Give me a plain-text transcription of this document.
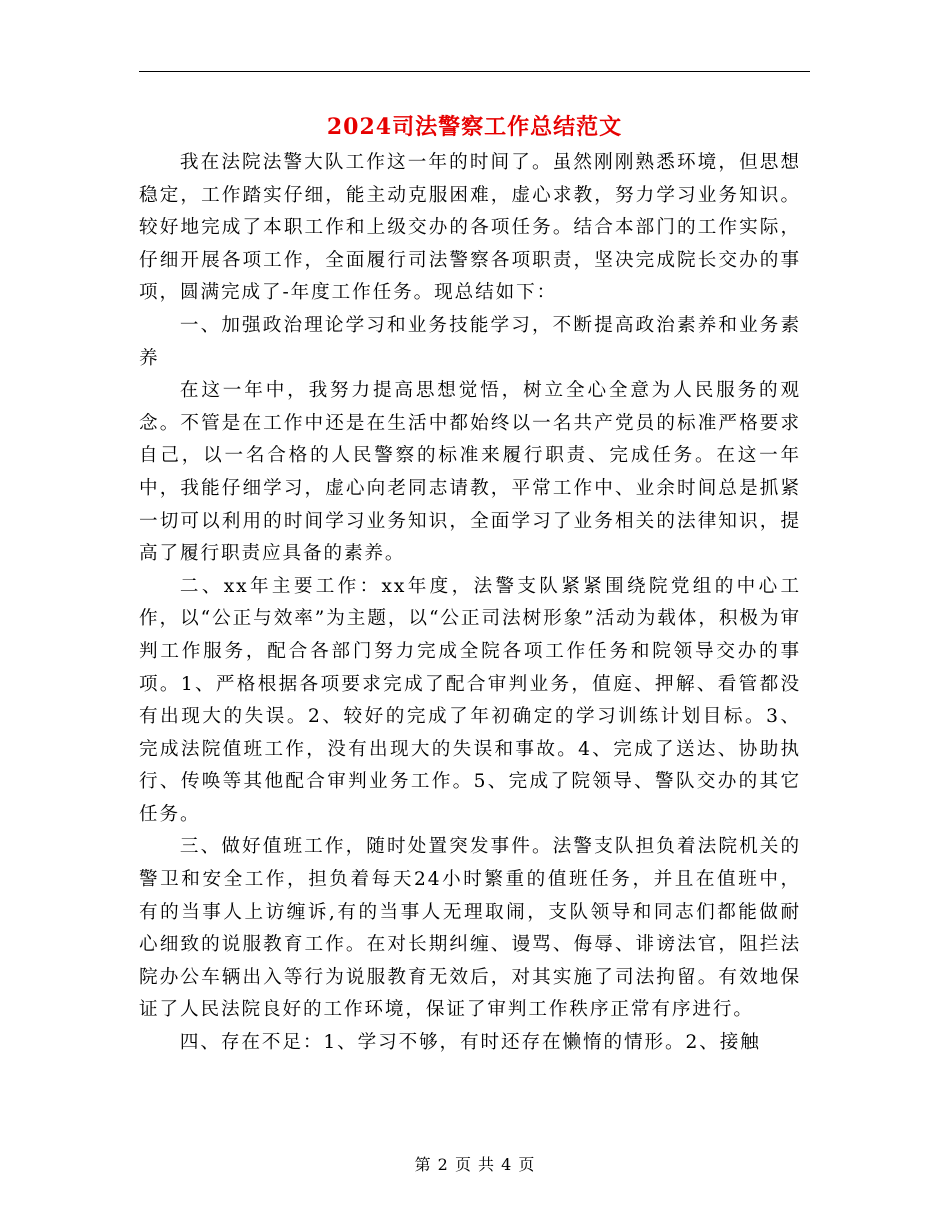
2024司法警察工作总结范文

我在法院法警大队工作这一年的时间了。虽然刚刚熟悉环境，但思想稳定，工作踏实仔细，能主动克服困难，虚心求教，努力学习业务知识。较好地完成了本职工作和上级交办的各项任务。结合本部门的工作实际，仔细开展各项工作，全面履行司法警察各项职责，坚决完成院长交办的事项，圆满完成了-年度工作任务。现总结如下：

一、加强政治理论学习和业务技能学习，不断提高政治素养和业务素养

在这一年中，我努力提高思想觉悟，树立全心全意为人民服务的观念。不管是在工作中还是在生活中都始终以一名共产党员的标准严格要求自己，以一名合格的人民警察的标准来履行职责、完成任务。在这一年中，我能仔细学习，虚心向老同志请教，平常工作中、业余时间总是抓紧一切可以利用的时间学习业务知识，全面学习了业务相关的法律知识，提高了履行职责应具备的素养。

二、xx年主要工作：xx年度，法警支队紧紧围绕院党组的中心工作，以“公正与效率”为主题，以“公正司法树形象”活动为载体，积极为审判工作服务，配合各部门努力完成全院各项工作任务和院领导交办的事项。1、严格根据各项要求完成了配合审判业务，值庭、押解、看管都没有出现大的失误。2、较好的完成了年初确定的学习训练计划目标。3、完成法院值班工作，没有出现大的失误和事故。4、完成了送达、协助执行、传唤等其他配合审判业务工作。5、完成了院领导、警队交办的其它任务。

三、做好值班工作，随时处置突发事件。法警支队担负着法院机关的警卫和安全工作，担负着每天24小时繁重的值班任务，并且在值班中，有的当事人上访缠诉,有的当事人无理取闹，支队领导和同志们都能做耐心细致的说服教育工作。在对长期纠缠、谩骂、侮辱、诽谤法官，阻拦法院办公车辆出入等行为说服教育无效后，对其实施了司法拘留。有效地保证了人民法院良好的工作环境，保证了审判工作秩序正常有序进行。

四、存在不足：1、学习不够，有时还存在懒惰的情形。2、接触

第 2 页 共 4 页
